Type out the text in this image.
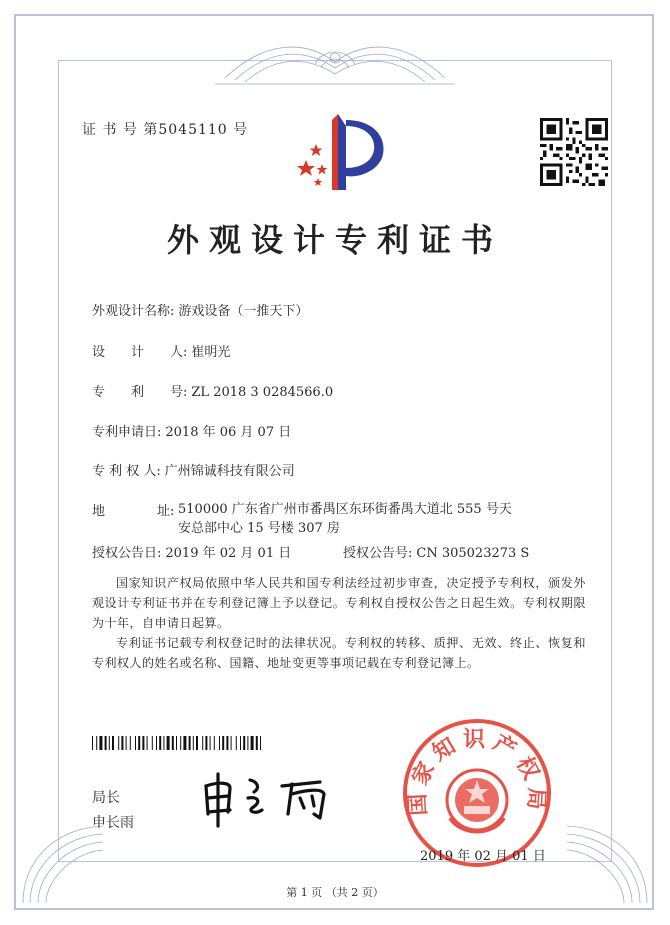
证 书 号 第5045110 号
外观设计专利证书
外观设计名称: 游戏设备（一推天下）
设　　计　　人: 崔明光
专　　利　　号: ZL 2018 3 0284566.0
专利申请日: 2018 年 06 月 07 日
专 利 权 人: 广州锦诚科技有限公司
地　　　　址: 510000 广东省广州市番禺区东环街番禺大道北 555 号天安总部中心 15 号楼 307 房
授权公告日: 2019 年 02 月 01 日	授权公告号: CN 305023273 S
国家知识产权局依照中华人民共和国专利法经过初步审查，决定授予专利权，颁发外观设计专利证书并在专利登记簿上予以登记。专利权自授权公告之日起生效。专利权期限为十年，自申请日起算。
专利证书记载专利权登记时的法律状况。专利权的转移、质押、无效、终止、恢复和专利权人的姓名或名称、国籍、地址变更等事项记载在专利登记簿上。
局长
申长雨
国家知识产权局
2019 年 02 月 01 日
第 1 页 （共 2 页）
